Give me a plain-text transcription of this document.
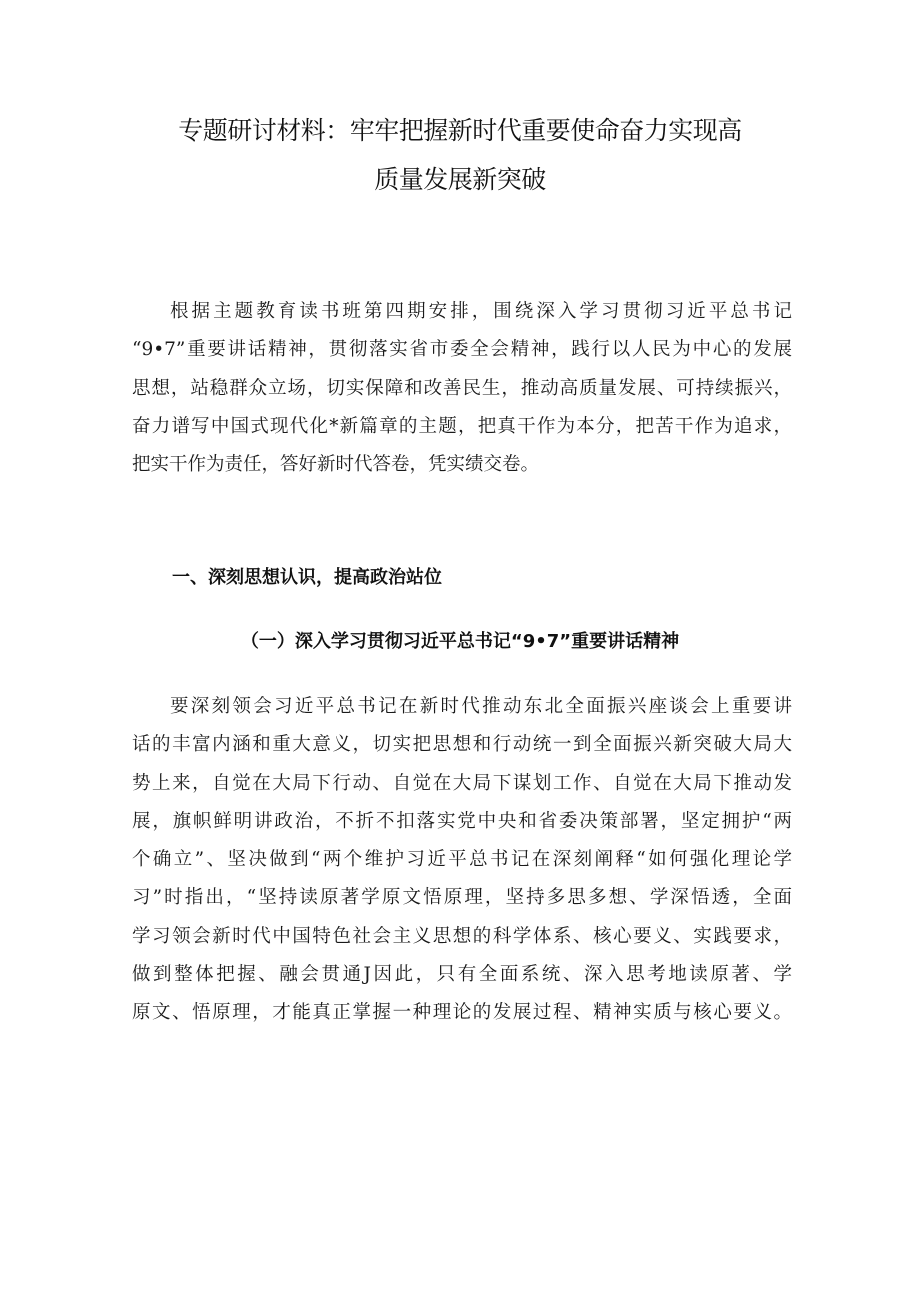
专题研讨材料：牢牢把握新时代重要使命奋力实现高
质量发展新突破
根据主题教育读书班第四期安排，围绕深入学习贯彻习近平总书记
“9•7”重要讲话精神，贯彻落实省市委全会精神，践行以人民为中心的发展
思想，站稳群众立场，切实保障和改善民生，推动高质量发展、可持续振兴，
奋力谱写中国式现代化*新篇章的主题，把真干作为本分，把苦干作为追求，
把实干作为责任，答好新时代答卷，凭实绩交卷。
一、深刻思想认识，提高政治站位
（一）深入学习贯彻习近平总书记“9•7”重要讲话精神
要深刻领会习近平总书记在新时代推动东北全面振兴座谈会上重要讲
话的丰富内涵和重大意义，切实把思想和行动统一到全面振兴新突破大局大
势上来，自觉在大局下行动、自觉在大局下谋划工作、自觉在大局下推动发
展，旗帜鲜明讲政治，不折不扣落实党中央和省委决策部署，坚定拥护“两
个确立”、坚决做到“两个维护习近平总书记在深刻阐释“如何强化理论学
习”时指出，“坚持读原著学原文悟原理，坚持多思多想、学深悟透，全面
学习领会新时代中国特色社会主义思想的科学体系、核心要义、实践要求，
做到整体把握、融会贯通J因此，只有全面系统、深入思考地读原著、学
原文、悟原理，才能真正掌握一种理论的发展过程、精神实质与核心要义。
